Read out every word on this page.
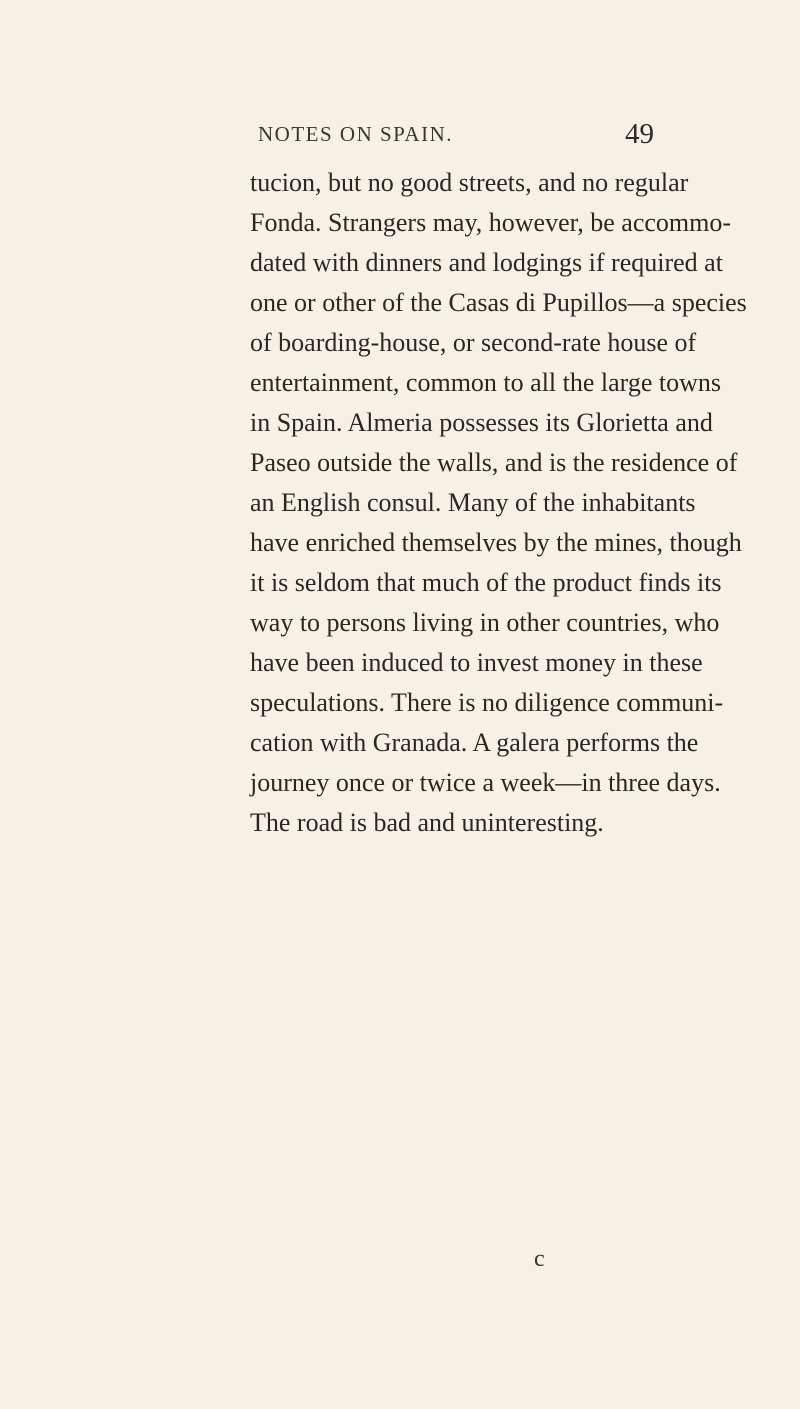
NOTES ON SPAIN.	49
tucion, but no good streets, and no regular
Fonda. Strangers may, however, be accommo-
dated with dinners and lodgings if required at
one or other of the Casas di Pupillos—a species
of boarding-house, or second-rate house of
entertainment, common to all the large towns
in Spain. Almeria possesses its Glorietta and
Paseo outside the walls, and is the residence of
an English consul. Many of the inhabitants
have enriched themselves by the mines, though
it is seldom that much of the product finds its
way to persons living in other countries, who
have been induced to invest money in these
speculations. There is no diligence communi-
cation with Granada. A galera performs the
journey once or twice a week—in three days.
The road is bad and uninteresting.
c
